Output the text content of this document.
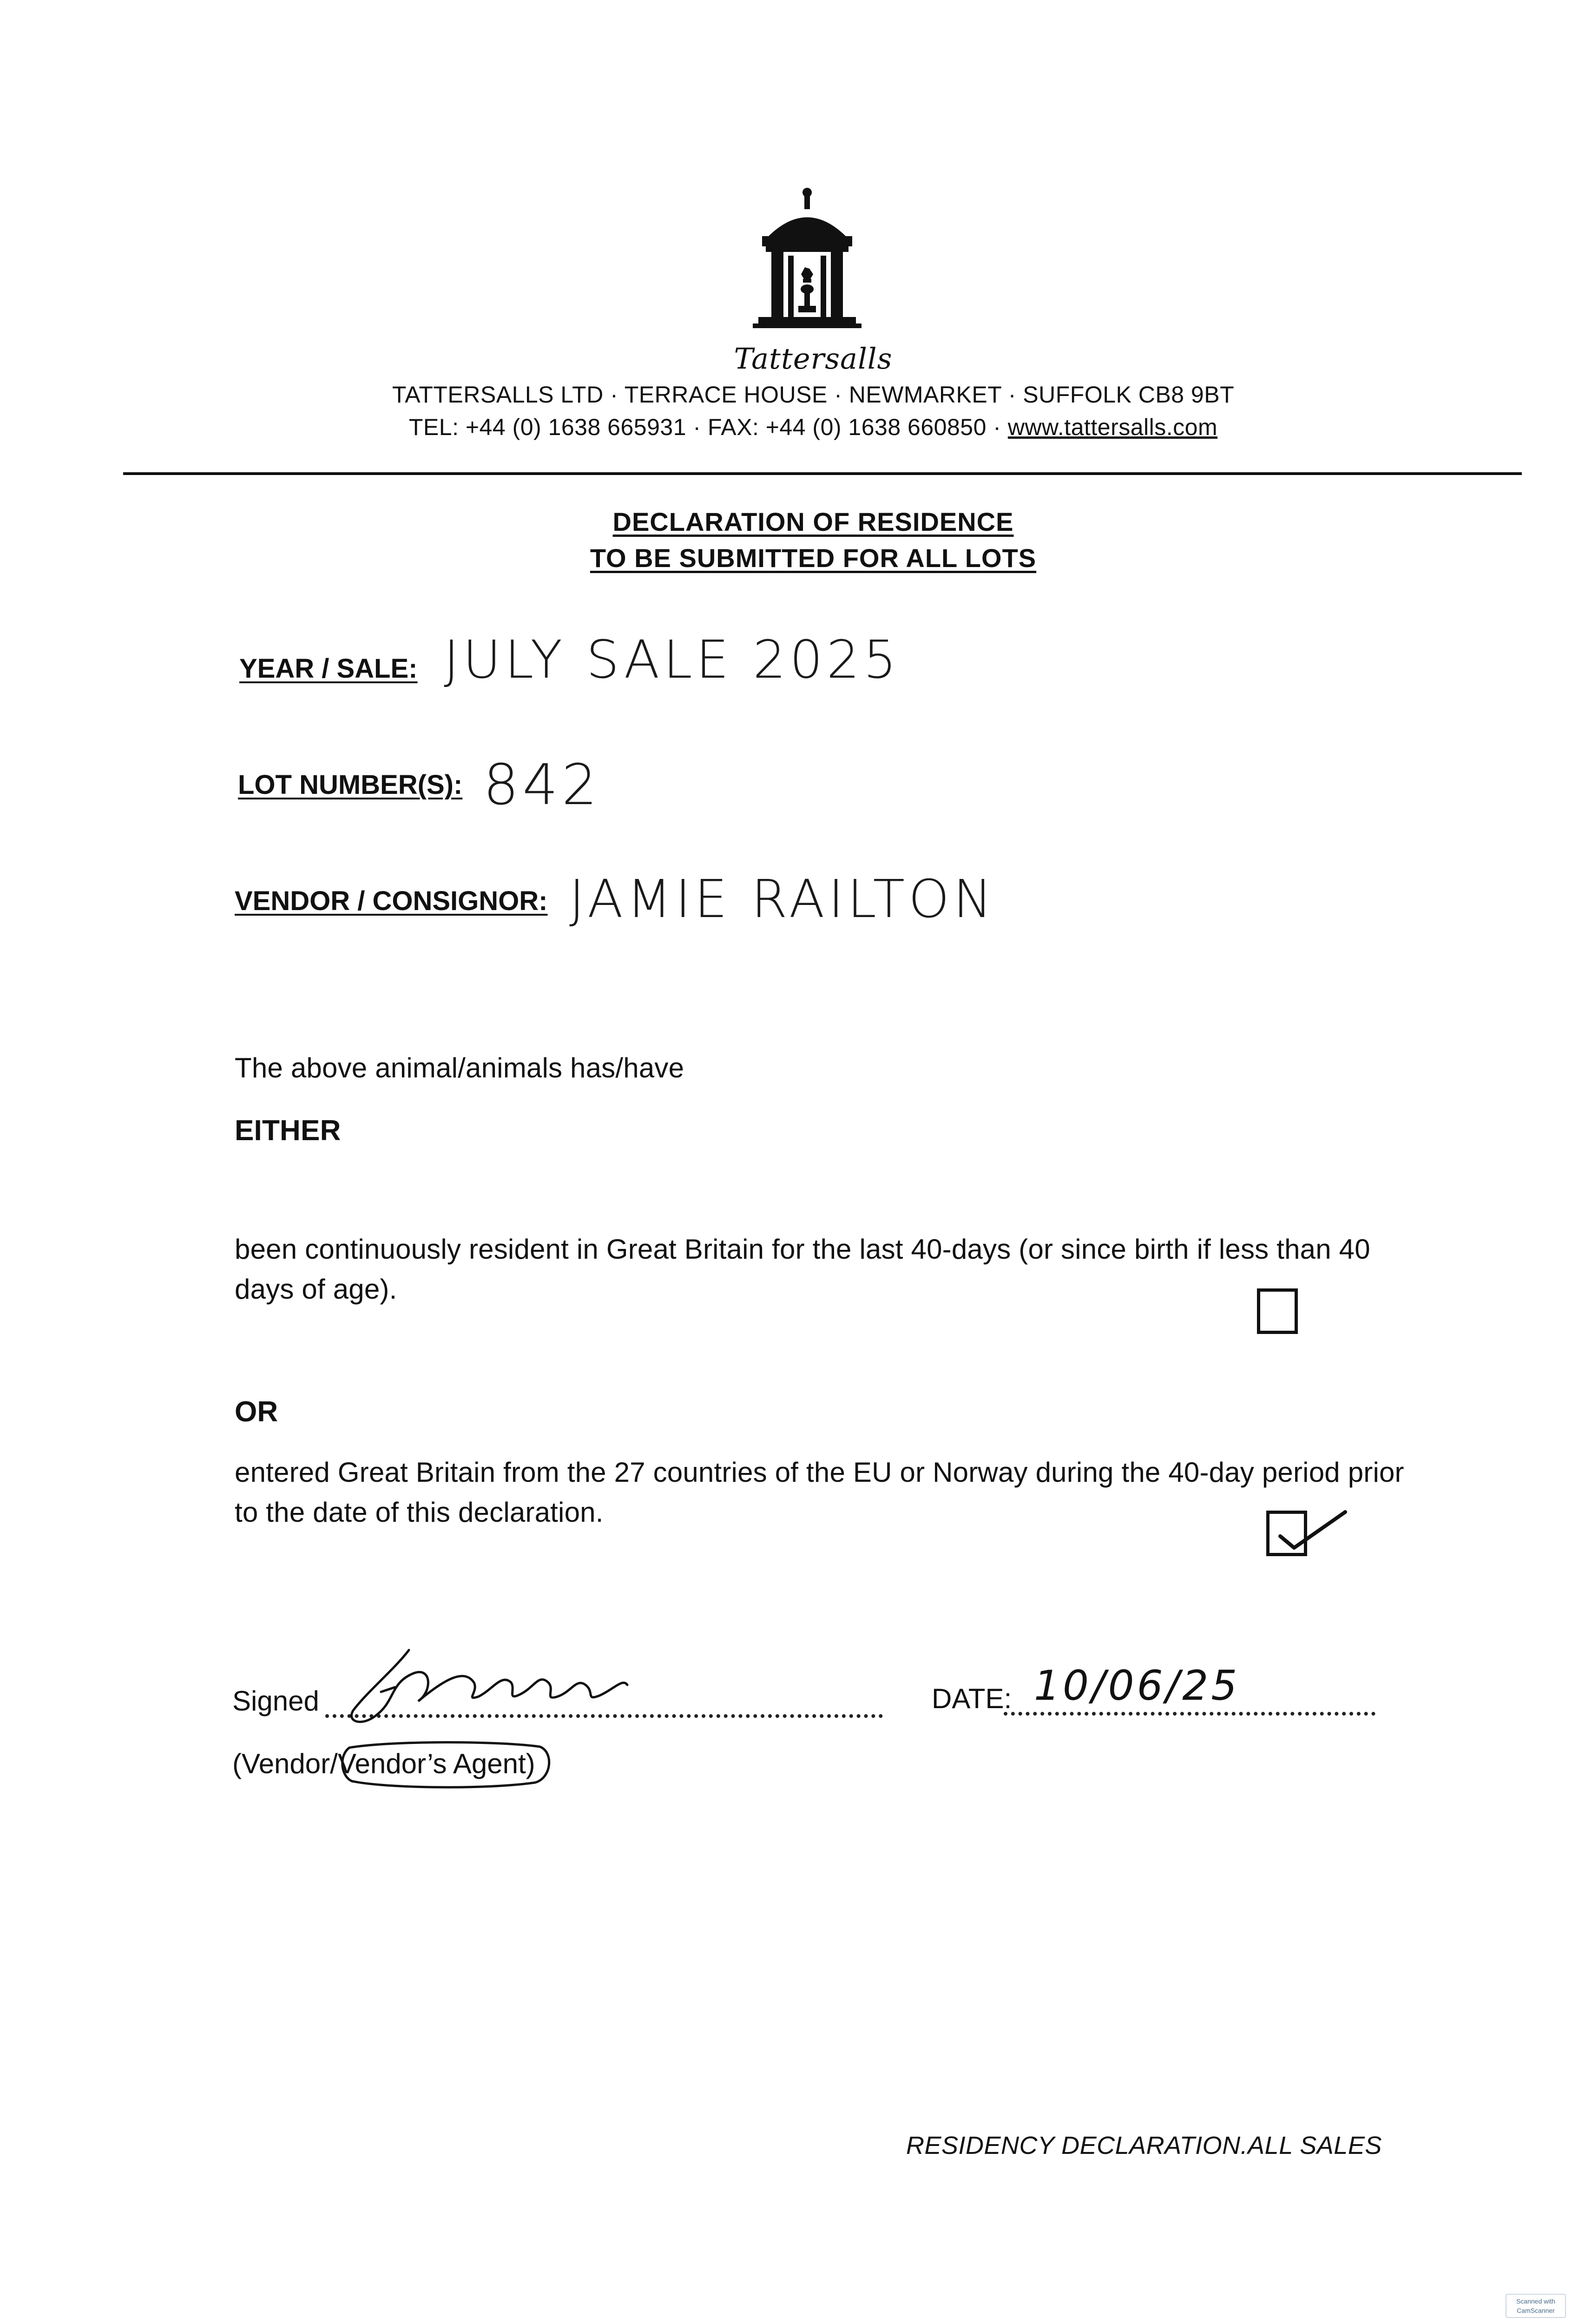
Tattersalls
TATTERSALLS LTD · TERRACE HOUSE · NEWMARKET · SUFFOLK CB8 9BT
TEL: +44 (0) 1638 665931 · FAX: +44 (0) 1638 660850 · www.tattersalls.com
DECLARATION OF RESIDENCE
TO BE SUBMITTED FOR ALL LOTS
YEAR / SALE: JULY SALE 2025
LOT NUMBER(S): 842
VENDOR / CONSIGNOR: JAMIE RAILTON
The above animal/animals has/have
EITHER
been continuously resident in Great Britain for the last 40-days (or since birth if less than 40 days of age).
OR
entered Great Britain from the 27 countries of the EU or Norway during the 40-day period prior to the date of this declaration.
Signed	DATE: 10/06/25
(Vendor/Vendor’s Agent)
RESIDENCY DECLARATION.ALL SALES
Scanned with
CamScanner
